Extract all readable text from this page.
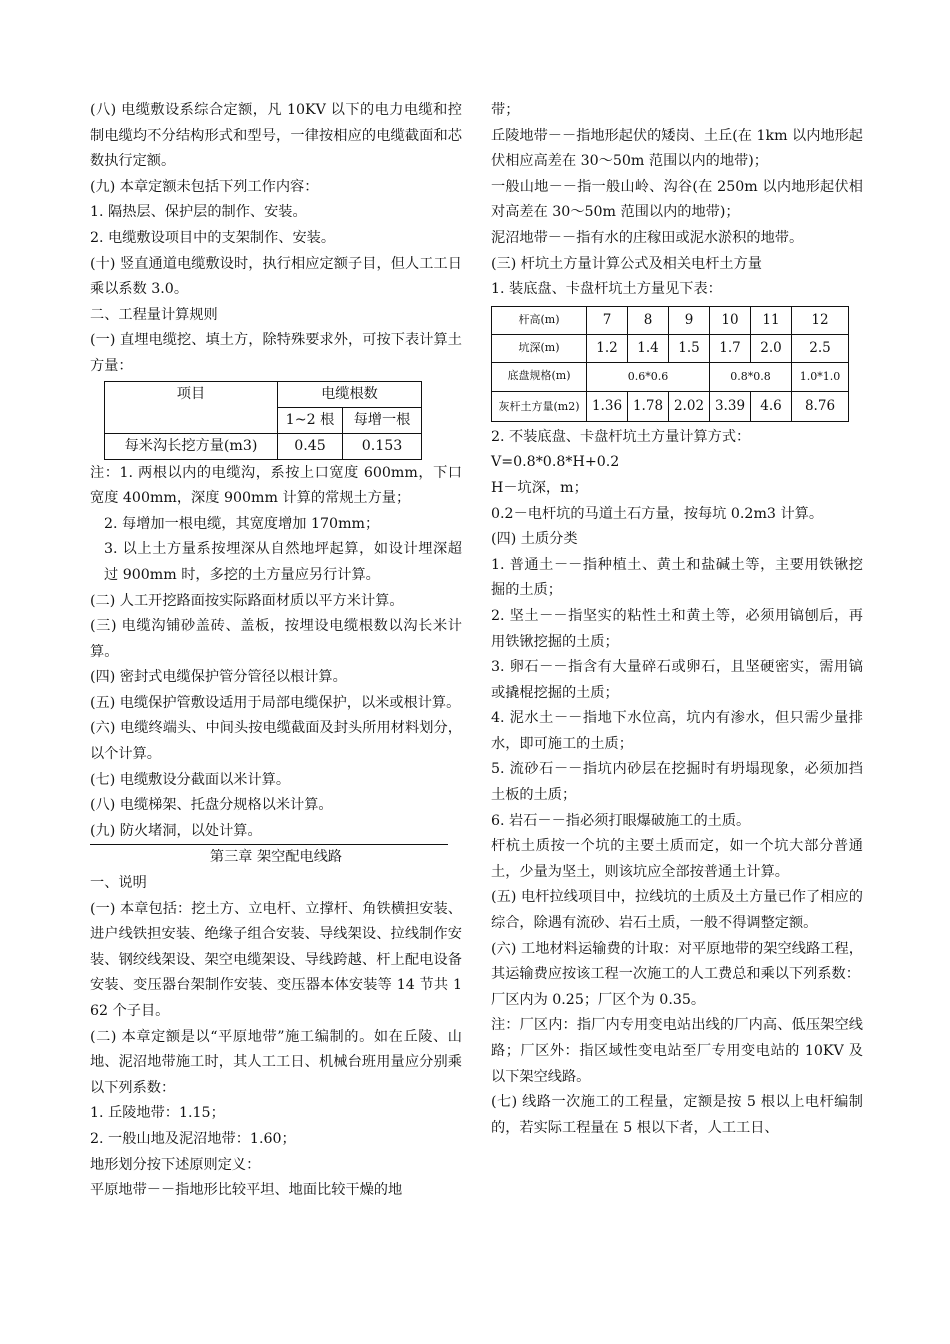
(八) 电缆敷设系综合定额，凡 10KV 以下的电力电缆和控制电缆均不分结构形式和型号，一律按相应的电缆截面和芯数执行定额。

(九) 本章定额未包括下列工作内容：

1. 隔热层、保护层的制作、安装。

2. 电缆敷设项目中的支架制作、安装。

(十) 竖直通道电缆敷设时，执行相应定额子目，但人工工日乘以系数 3.0。

二、工程量计算规则

(一) 直埋电缆挖、填土方，除特殊要求外，可按下表计算土方量：

项目	电缆根数	
	1~2 根	每增一根
每米沟长挖方量(m3)	0.45	0.153

注：1. 两根以内的电缆沟，系按上口宽度 600mm，下口宽度 400mm，深度 900mm 计算的常规土方量；

2. 每增加一根电缆，其宽度增加 170mm；

3. 以上土方量系按埋深从自然地坪起算，如设计埋深超过 900mm 时，多挖的土方量应另行计算。

(二) 人工开挖路面按实际路面材质以平方米计算。

(三) 电缆沟铺砂盖砖、盖板，按埋设电缆根数以沟长米计算。

(四) 密封式电缆保护管分管径以根计算。

(五) 电缆保护管敷设适用于局部电缆保护，以米或根计算。

(六) 电缆终端头、中间头按电缆截面及封头所用材料划分，以个计算。

(七) 电缆敷设分截面以米计算。

(八) 电缆梯架、托盘分规格以米计算。

(九) 防火堵洞，以处计算。

第三章 架空配电线路

一、说明

(一) 本章包括：挖土方、立电杆、立撑杆、角铁横担安装、进户线铁担安装、绝缘子组合安装、导线架设、拉线制作安装、钢绞线架设、架空电缆架设、导线跨越、杆上配电设备安装、变压器台架制作安装、变压器本体安装等 14 节共 162 个子目。

(二) 本章定额是以“平原地带”施工编制的。如在丘陵、山地、泥沼地带施工时，其人工工日、机械台班用量应分别乘以下列系数：

1. 丘陵地带：1.15；

2. 一般山地及泥沼地带：1.60；

地形划分按下述原则定义：

平原地带－－指地形比较平坦、地面比较干燥的地

带；

丘陵地带－－指地形起伏的矮岗、土丘(在 1km 以内地形起伏相应高差在 30～50m 范围以内的地带)；

一般山地－－指一般山岭、沟谷(在 250m 以内地形起伏相对高差在 30～50m 范围以内的地带)；

泥沼地带－－指有水的庄稼田或泥水淤积的地带。

(三) 杆坑土方量计算公式及相关电杆土方量

1. 装底盘、卡盘杆坑土方量见下表：

杆高(m)	7	8	9	10	11	12
坑深(m)	1.2	1.4	1.5	1.7	2.0	2.5
底盘规格(m)	0.6*0.6			0.8*0.8		1.0*1.0
灰杆土方量(m2)	1.36	1.78	2.02	3.39	4.6	8.76

2. 不装底盘、卡盘杆坑土方量计算方式：

V=0.8*0.8*H+0.2

H－坑深，m；

0.2－电杆坑的马道土石方量，按每坑 0.2m3 计算。

(四) 土质分类

1. 普通土－－指种植土、黄土和盐碱土等，主要用铁锹挖掘的土质；

2. 坚土－－指坚实的粘性土和黄土等，必须用镐刨后，再用铁锹挖掘的土质；

3. 卵石－－指含有大量碎石或卵石，且坚硬密实，需用镐或撬棍挖掘的土质；

4. 泥水土－－指地下水位高，坑内有渗水，但只需少量排水，即可施工的土质；

5. 流砂石－－指坑内砂层在挖掘时有坍塌现象，必须加挡土板的土质；

6. 岩石－－指必须打眼爆破施工的土质。

杆杭土质按一个坑的主要土质而定，如一个坑大部分普通土，少量为坚土，则该坑应全部按普通土计算。

(五) 电杆拉线项目中，拉线坑的土质及土方量已作了相应的综合，除遇有流砂、岩石土质，一般不得调整定额。

(六) 工地材料运输费的计取：对平原地带的架空线路工程，其运输费应按该工程一次施工的人工费总和乘以下列系数：

厂区内为 0.25；厂区个为 0.35。

注：厂区内：指厂内专用变电站出线的厂内高、低压架空线路；厂区外：指区域性变电站至厂专用变电站的 10KV 及以下架空线路。

(七) 线路一次施工的工程量，定额是按 5 根以上电杆编制的，若实际工程量在 5 根以下者，人工工日、
